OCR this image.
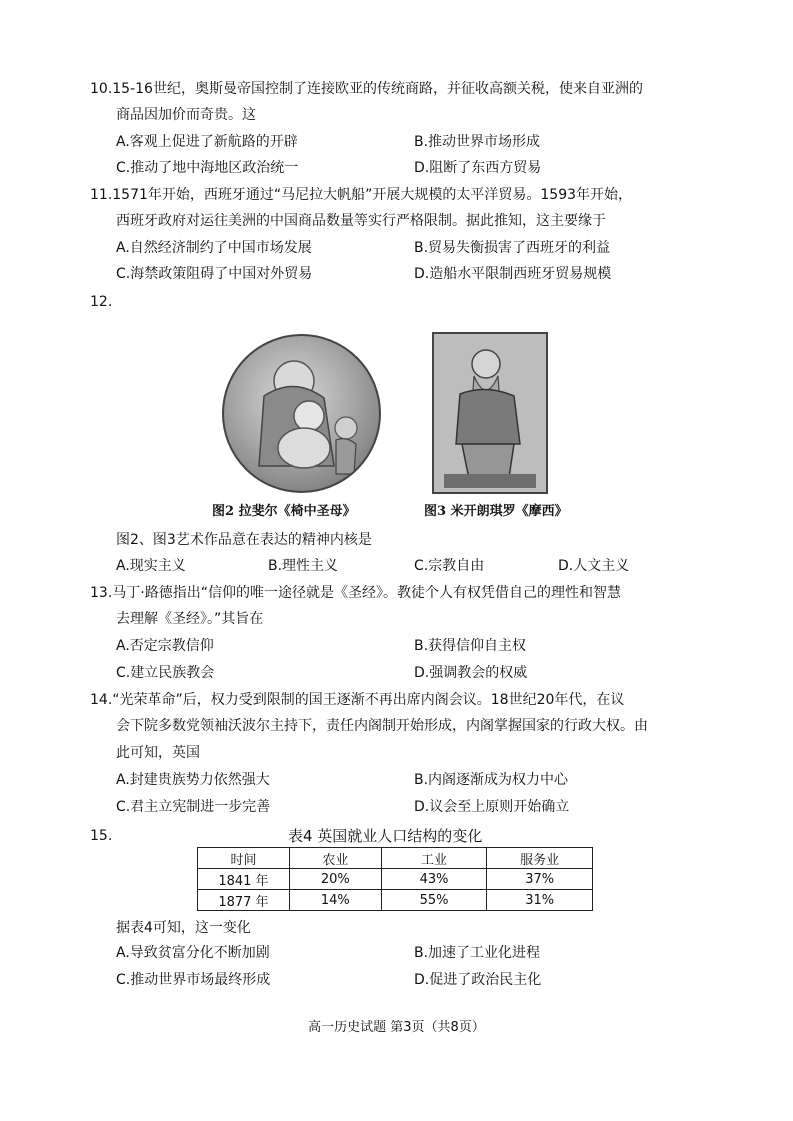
10.15-16世纪，奥斯曼帝国控制了连接欧亚的传统商路，并征收高额关税，使来自亚洲的
商品因加价而奇贵。这
A.客观上促进了新航路的开辟	B.推动世界市场形成
C.推动了地中海地区政治统一	D.阻断了东西方贸易
11.1571年开始，西班牙通过“马尼拉大帆船”开展大规模的太平洋贸易。1593年开始，
西班牙政府对运往美洲的中国商品数量等实行严格限制。据此推知，这主要缘于
A.自然经济制约了中国市场发展	B.贸易失衡损害了西班牙的利益
C.海禁政策阻碍了中国对外贸易	D.造船水平限制西班牙贸易规模
12.
图2 拉斐尔《椅中圣母》	图3 米开朗琪罗《摩西》
图2、图3艺术作品意在表达的精神内核是
A.现实主义	B.理性主义	C.宗教自由	D.人文主义
13.马丁·路德指出“信仰的唯一途径就是《圣经》。教徒个人有权凭借自己的理性和智慧
去理解《圣经》。”其旨在
A.否定宗教信仰	B.获得信仰自主权
C.建立民族教会	D.强调教会的权威
14.“光荣革命”后，权力受到限制的国王逐渐不再出席内阁会议。18世纪20年代，在议
会下院多数党领袖沃波尔主持下，责任内阁制开始形成，内阁掌握国家的行政大权。由
此可知，英国
A.封建贵族势力依然强大	B.内阁逐渐成为权力中心
C.君主立宪制进一步完善	D.议会至上原则开始确立
15.	表4 英国就业人口结构的变化
时间	农业	工业	服务业
1841 年	20%	43%	37%
1877 年	14%	55%	31%
据表4可知，这一变化
A.导致贫富分化不断加剧	B.加速了工业化进程
C.推动世界市场最终形成	D.促进了政治民主化
高一历史试题 第3页（共8页）
